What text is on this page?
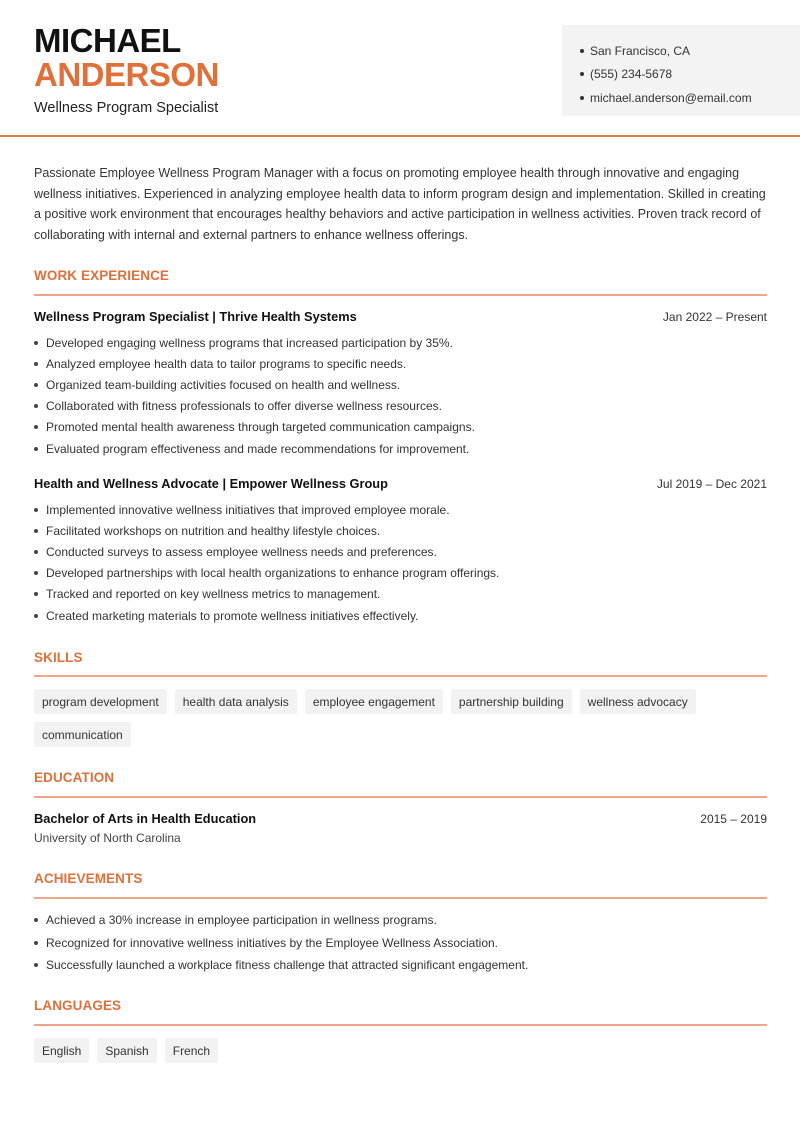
MICHAEL
ANDERSON
Wellness Program Specialist
San Francisco, CA
(555) 234-5678
michael.anderson@email.com

Passionate Employee Wellness Program Manager with a focus on promoting employee health through innovative and engaging wellness initiatives. Experienced in analyzing employee health data to inform program design and implementation. Skilled in creating a positive work environment that encourages healthy behaviors and active participation in wellness activities. Proven track record of collaborating with internal and external partners to enhance wellness offerings.

WORK EXPERIENCE
Wellness Program Specialist | Thrive Health Systems	Jan 2022 – Present
Developed engaging wellness programs that increased participation by 35%.
Analyzed employee health data to tailor programs to specific needs.
Organized team-building activities focused on health and wellness.
Collaborated with fitness professionals to offer diverse wellness resources.
Promoted mental health awareness through targeted communication campaigns.
Evaluated program effectiveness and made recommendations for improvement.
Health and Wellness Advocate | Empower Wellness Group	Jul 2019 – Dec 2021
Implemented innovative wellness initiatives that improved employee morale.
Facilitated workshops on nutrition and healthy lifestyle choices.
Conducted surveys to assess employee wellness needs and preferences.
Developed partnerships with local health organizations to enhance program offerings.
Tracked and reported on key wellness metrics to management.
Created marketing materials to promote wellness initiatives effectively.
SKILLS
program development	health data analysis	employee engagement	partnership building	wellness advocacy
communication
EDUCATION
Bachelor of Arts in Health Education	2015 – 2019
University of North Carolina
ACHIEVEMENTS
Achieved a 30% increase in employee participation in wellness programs.
Recognized for innovative wellness initiatives by the Employee Wellness Association.
Successfully launched a workplace fitness challenge that attracted significant engagement.
LANGUAGES
English	Spanish	French
